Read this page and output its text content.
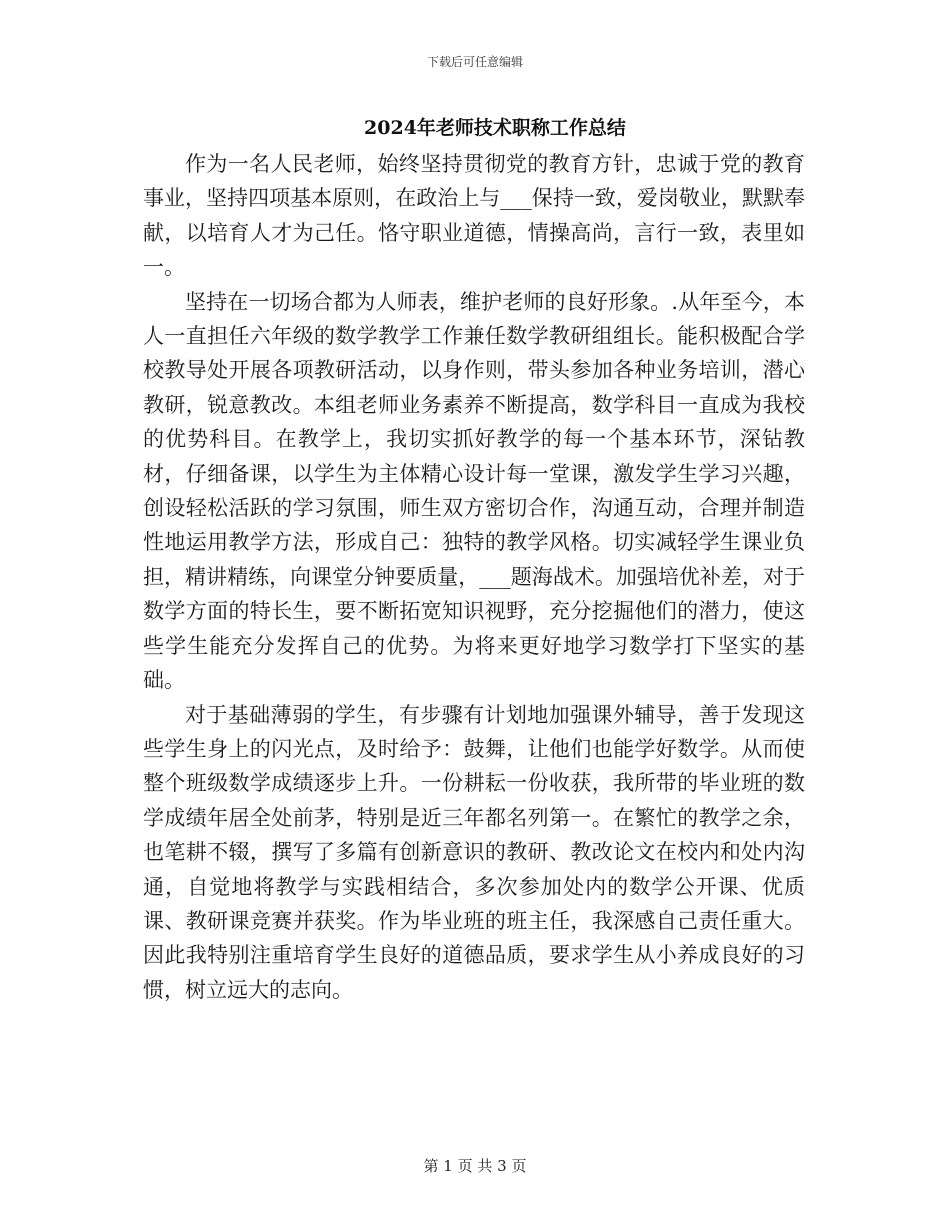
下载后可任意编辑
2024年老师技术职称工作总结

作为一名人民老师，始终坚持贯彻党的教育方针，忠诚于党的教育事业，坚持四项基本原则，在政治上与___保持一致，爱岗敬业，默默奉献，以培育人才为己任。恪守职业道德，情操高尚，言行一致，表里如一。

坚持在一切场合都为人师表，维护老师的良好形象。.从年至今，本人一直担任六年级的数学教学工作兼任数学教研组组长。能积极配合学校教导处开展各项教研活动，以身作则，带头参加各种业务培训，潜心教研，锐意教改。本组老师业务素养不断提高，数学科目一直成为我校的优势科目。在教学上，我切实抓好教学的每一个基本环节，深钻教材，仔细备课，以学生为主体精心设计每一堂课，激发学生学习兴趣，创设轻松活跃的学习氛围，师生双方密切合作，沟通互动，合理并制造性地运用教学方法，形成自己：独特的教学风格。切实减轻学生课业负担，精讲精练，向课堂分钟要质量，___题海战术。加强培优补差，对于数学方面的特长生，要不断拓宽知识视野，充分挖掘他们的潜力，使这些学生能充分发挥自己的优势。为将来更好地学习数学打下坚实的基础。

对于基础薄弱的学生，有步骤有计划地加强课外辅导，善于发现这些学生身上的闪光点，及时给予：鼓舞，让他们也能学好数学。从而使整个班级数学成绩逐步上升。一份耕耘一份收获，我所带的毕业班的数学成绩年居全处前茅，特别是近三年都名列第一。在繁忙的教学之余，也笔耕不辍，撰写了多篇有创新意识的教研、教改论文在校内和处内沟通，自觉地将教学与实践相结合，多次参加处内的数学公开课、优质课、教研课竞赛并获奖。作为毕业班的班主任，我深感自己责任重大。因此我特别注重培育学生良好的道德品质，要求学生从小养成良好的习惯，树立远大的志向。

第 1 页 共 3 页
